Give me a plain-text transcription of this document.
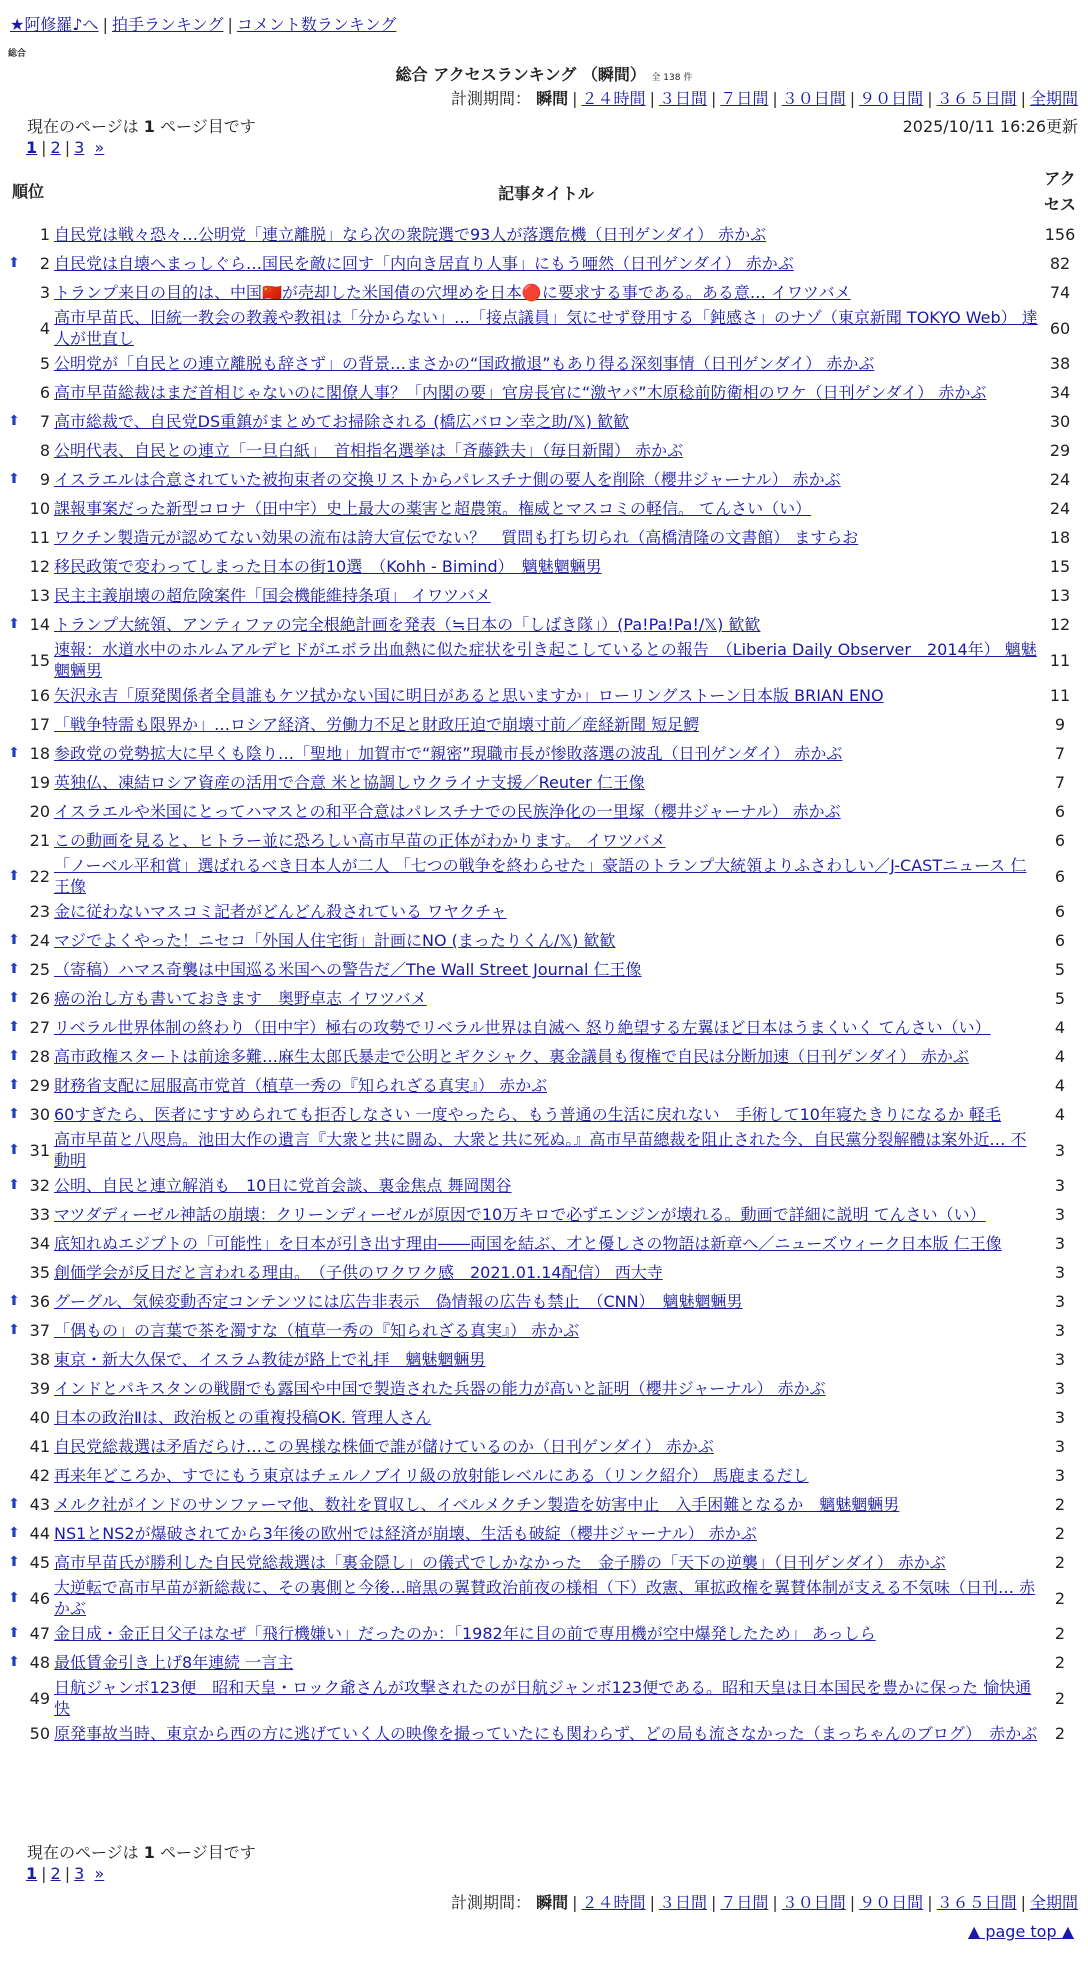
★阿修羅♪へ | 拍手ランキング | コメント数ランキング
総合
総合 アクセスランキング （瞬間） 全 138 件
計測期間： 瞬間 | ２４時間 | ３日間 | ７日間 | ３０日間 | ９０日間 | ３６５日間 | 全期間
現在のページは 1 ページ目です	2025/10/11 16:26更新
1 | 2 | 3 »
順位		記事タイトル	アクセス
	1	自民党は戦々恐々…公明党「連立離脱」なら次の衆院選で93人が落選危機（日刊ゲンダイ） 赤かぶ	156
⬆	2	自民党は自壊へまっしぐら…国民を敵に回す「内向き居直り人事」にもう唖然（日刊ゲンダイ） 赤かぶ	82
	3	トランプ来日の目的は、中国🇨🇳が売却した米国債の穴埋めを日本🔴に要求する事である。ある意… イワツバメ	74
	4	高市早苗氏、旧統一教会の教義や教祖は「分からない」…「接点議員」気にせず登用する「鈍感さ」のナゾ（東京新聞 TOKYO Web） 達人が世直し	60
	5	公明党が「自民との連立離脱も辞さず」の背景…まさかの“国政撤退”もあり得る深刻事情（日刊ゲンダイ） 赤かぶ	38
	6	高市早苗総裁はまだ首相じゃないのに閣僚人事？「内閣の要」官房長官に“激ヤバ”木原稔前防衛相のワケ（日刊ゲンダイ） 赤かぶ	34
⬆	7	高市総裁で、自民党DS重鎮がまとめてお掃除される (橋広バロン幸之助/𝕏) 歓歓	30
	8	公明代表、自民との連立「一旦白紙」　首相指名選挙は「斉藤鉄夫」（毎日新聞） 赤かぶ	29
⬆	9	イスラエルは合意されていた被拘束者の交換リストからパレスチナ側の要人を削除（櫻井ジャーナル） 赤かぶ	24
	10	課報事案だった新型コロナ（田中宇）史上最大の薬害と超農策。権威とマスコミの軽信。 てんさい（い）	24
	11	ワクチン製造元が認めてない効果の流布は誇大宣伝でない？　質問も打ち切られ（高橋清隆の文書館） ますらお	18
	12	移民政策で変わってしまった日本の街10選　（Kohh - Bimind）　魑魅魍魎男	15
	13	民主主義崩壊の超危険案件「国会機能維持条項」 イワツバメ	13
⬆	14	トランプ大統領、アンティファの完全根絶計画を発表（≒日本の「しばき隊」）(Pa!Pa!Pa!/𝕏) 歓歓	12
	15	速報：水道水中のホルムアルデヒドがエボラ出血熱に似た症状を引き起こしているとの報告　（Liberia Daily Observer　2014年） 魑魅魍魎男	11
	16	矢沢永吉「原発関係者全員誰もケツ拭かない国に明日があると思いますか」ローリングストーン日本版 BRIAN ENO	11
	17	「戦争特需も限界か」…ロシア経済、労働力不足と財政圧迫で崩壊寸前／産経新聞 短足鰐	9
⬆	18	参政党の党勢拡大に早くも陰り…「聖地」加賀市で“親密”現職市長が惨敗落選の波乱（日刊ゲンダイ） 赤かぶ	7
	19	英独仏、凍結ロシア資産の活用で合意 米と協調しウクライナ支援／Reuter 仁王像	7
	20	イスラエルや米国にとってハマスとの和平合意はパレスチナでの民族浄化の一里塚（櫻井ジャーナル） 赤かぶ	6
	21	この動画を見ると、ヒトラー並に恐ろしい高市早苗の正体がわかります。 イワツバメ	6
⬆	22	「ノーベル平和賞」選ばれるべき日本人が二人 「七つの戦争を終わらせた」豪語のトランプ大統領よりふさわしい／J-CASTニュース 仁王像	6
	23	金に従わないマスコミ記者がどんどん殺されている ワヤクチャ	6
⬆	24	マジでよくやった！ニセコ「外国人住宅街」計画にNO (まったりくん/𝕏) 歓歓	6
⬆	25	（寄稿）ハマス奇襲は中国巡る米国への警告だ／The Wall Street Journal 仁王像	5
⬆	26	癌の治し方も書いておきます　奥野卓志 イワツバメ	5
⬆	27	リベラル世界体制の終わり（田中宇）極右の攻勢でリベラル世界は自滅へ 怒り絶望する左翼ほど日本はうまくいく てんさい（い）	4
⬆	28	高市政権スタートは前途多難…麻生太郎氏暴走で公明とギクシャク、裏金議員も復権で自民は分断加速（日刊ゲンダイ） 赤かぶ	4
⬆	29	財務省支配に屈服高市党首（植草一秀の『知られざる真実』） 赤かぶ	4
⬆	30	60すぎたら、医者にすすめられても拒否しなさい 一度やったら、もう普通の生活に戻れない　手術して10年寝たきりになるか 軽毛	4
⬆	31	高市早苗と八咫烏。池田大作の遺言『大衆と共に闘ゐ、大衆と共に死ぬ。』高市早苗總裁を阻止された今、自民黨分裂解體は案外近… 不動明	3
⬆	32	公明、自民と連立解消も　10日に党首会談、裏金焦点 舞岡関谷	3
	33	マツダディーゼル神話の崩壊：クリーンディーゼルが原因で10万キロで必ずエンジンが壊れる。動画で詳細に説明 てんさい（い）	3
	34	底知れぬエジプトの「可能性」を日本が引き出す理由――両国を結ぶ、才と優しさの物語は新章へ／ニューズウィーク日本版 仁王像	3
	35	創価学会が反日だと言われる理由。　（子供のワクワク感　2021.01.14配信） 西大寺	3
⬆	36	グーグル、気候変動否定コンテンツには広告非表示　偽情報の広告も禁止　（CNN）　魑魅魍魎男	3
⬆	37	「偶もの」の言葉で茶を濁すな（植草一秀の『知られざる真実』） 赤かぶ	3
	38	東京・新大久保で、イスラム教徒が路上で礼拝　魑魅魍魎男	3
	39	インドとパキスタンの戦闘でも露国や中国で製造された兵器の能力が高いと証明（櫻井ジャーナル） 赤かぶ	3
	40	日本の政治Ⅱは、政治板との重複投稿OK. 管理人さん	3
	41	自民党総裁選は矛盾だらけ…この異様な株価で誰が儲けているのか（日刊ゲンダイ） 赤かぶ	3
	42	再来年どころか、すでにもう東京はチェルノブイリ級の放射能レベルにある（リンク紹介） 馬鹿まるだし	3
⬆	43	メルク社がインドのサンファーマ他、数社を買収し、イベルメクチン製造を妨害中止　入手困難となるか　魑魅魍魎男	2
⬆	44	NS1とNS2が爆破されてから3年後の欧州では経済が崩壊、生活も破綻（櫻井ジャーナル） 赤かぶ	2
⬆	45	高市早苗氏が勝利した自民党総裁選は「裏金隠し」の儀式でしかなかった　金子勝の「天下の逆襲」（日刊ゲンダイ） 赤かぶ	2
⬆	46	大逆転で高市早苗が新総裁に、その裏側と今後…暗黒の翼賛政治前夜の様相（下）改憲、軍拡政権を翼賛体制が支える不気味（日刊… 赤かぶ	2
⬆	47	金日成・金正日父子はなぜ「飛行機嫌い」だったのか：「1982年に目の前で専用機が空中爆発したため」 あっしら	2
⬆	48	最低賃金引き上げ8年連続 一言主	2
	49	日航ジャンボ123便　昭和天皇・ロック爺さんが攻撃されたのが日航ジャンボ123便である。昭和天皇は日本国民を豊かに保った 愉快通快	2
	50	原発事故当時、東京から西の方に逃げていく人の映像を撮っていたにも関わらず、どの局も流さなかった（まっちゃんのブログ）　赤かぶ	2
現在のページは 1 ページ目です
1 | 2 | 3 »
計測期間： 瞬間 | ２４時間 | ３日間 | ７日間 | ３０日間 | ９０日間 | ３６５日間 | 全期間
▲ page top ▲
